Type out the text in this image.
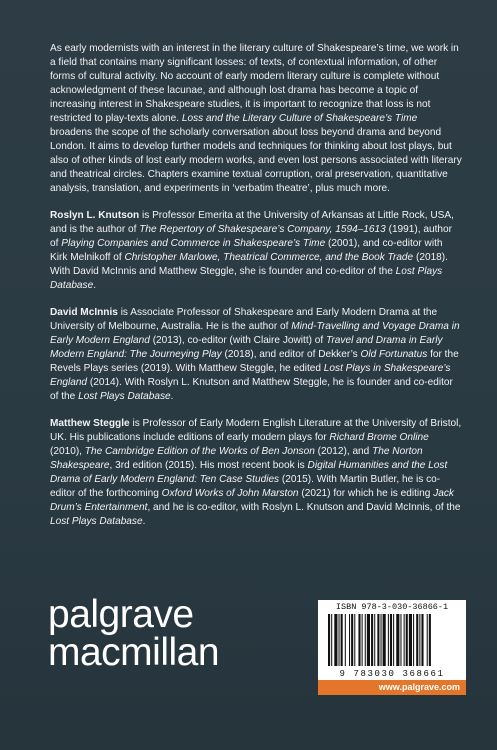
As early modernists with an interest in the literary culture of Shakespeare’s time, we work in a field that contains many significant losses: of texts, of contextual information, of other forms of cultural activity. No account of early modern literary culture is complete without acknowledgment of these lacunae, and although lost drama has become a topic of increasing interest in Shakespeare studies, it is important to recognize that loss is not restricted to play-texts alone. Loss and the Literary Culture of Shakespeare’s Time broadens the scope of the scholarly conversation about loss beyond drama and beyond London. It aims to develop further models and techniques for thinking about lost plays, but also of other kinds of lost early modern works, and even lost persons associated with literary and theatrical circles. Chapters examine textual corruption, oral preservation, quantitative analysis, translation, and experiments in ‘verbatim theatre’, plus much more.

Roslyn L. Knutson is Professor Emerita at the University of Arkansas at Little Rock, USA, and is the author of The Repertory of Shakespeare’s Company, 1594–1613 (1991), author of Playing Companies and Commerce in Shakespeare’s Time (2001), and co-editor with Kirk Melnikoff of Christopher Marlowe, Theatrical Commerce, and the Book Trade (2018). With David McInnis and Matthew Steggle, she is founder and co-editor of the Lost Plays Database.

David McInnis is Associate Professor of Shakespeare and Early Modern Drama at the University of Melbourne, Australia. He is the author of Mind-Travelling and Voyage Drama in Early Modern England (2013), co-editor (with Claire Jowitt) of Travel and Drama in Early Modern England: The Journeying Play (2018), and editor of Dekker’s Old Fortunatus for the Revels Plays series (2019). With Matthew Steggle, he edited Lost Plays in Shakespeare’s England (2014). With Roslyn L. Knutson and Matthew Steggle, he is founder and co-editor of the Lost Plays Database.

Matthew Steggle is Professor of Early Modern English Literature at the University of Bristol, UK. His publications include editions of early modern plays for Richard Brome Online (2010), The Cambridge Edition of the Works of Ben Jonson (2012), and The Norton Shakespeare, 3rd edition (2015). His most recent book is Digital Humanities and the Lost Drama of Early Modern England: Ten Case Studies (2015). With Martin Butler, he is co-editor of the forthcoming Oxford Works of John Marston (2021) for which he is editing Jack Drum’s Entertainment, and he is co-editor, with Roslyn L. Knutson and David McInnis, of the Lost Plays Database.

palgrave
macmillan
ISBN 978-3-030-36866-1
9 783030 368661
www.palgrave.com
